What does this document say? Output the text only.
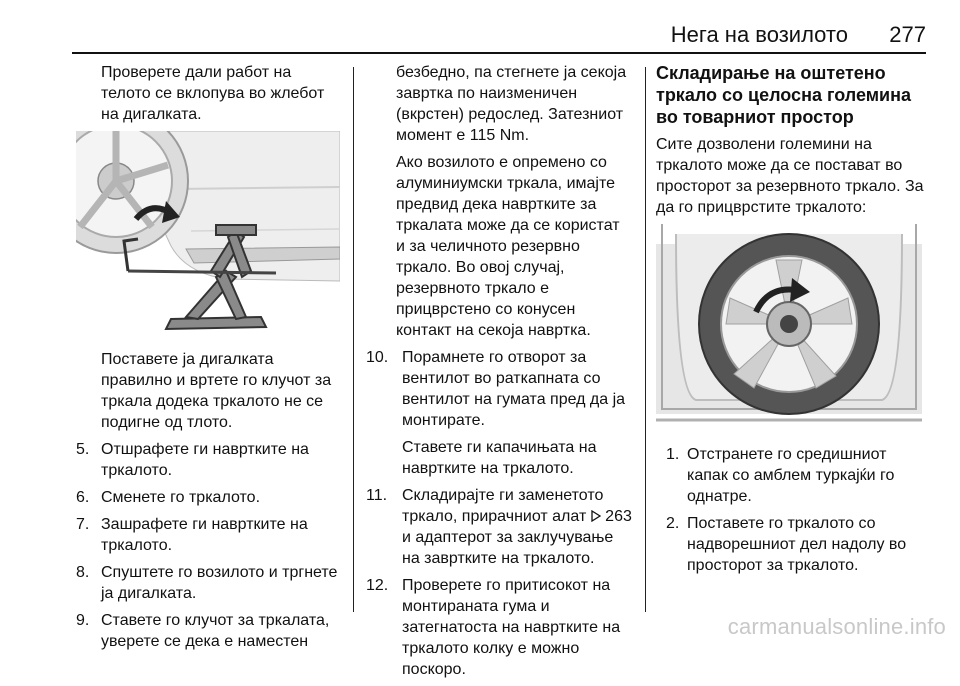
Нега на возилото 277

Проверете дали работ на телото се вклопува во жлебот на дигалката.

Поставете ја дигалката правилно и вртете го клучот за тркала додека тркалото не се подигне од тлото.

5. Отшрафете ги навртките на тркалото.
6. Сменете го тркалото.
7. Зашрафете ги навртките на тркалото.
8. Спуштете го возилото и тргнете ја дигалката.
9. Ставете го клучот за тркалата, уверете се дека е наместен

безбедно, па стегнете ја секоја завртка по наизменичен (вкрстен) редослед. Затезниот момент е 115 Nm.

Ако возилото е опремено со алуминиумски тркала, имајте предвид дека навртките за тркалата може да се користат и за челичното резервно тркало. Во овој случај, резервното тркало е прицврстено со конусен контакт на секоја навртка.

10. Порамнете го отворот за вентилот во раткапната со вентилот на гумата пред да ја монтирате.

Ставете ги капачињата на навртките на тркалото.

11. Складирајте ги заменетото тркало, прирачниот алат 263 и адаптерот за заклучување на завртките на тркалото.
12. Проверете го притисокот на монтираната гума и затегнатоста на навртките на тркалото колку е можно поскоро.

Складирање на оштетено тркало со целосна големина во товарниот простор

Сите дозволени големини на тркалото може да се постават во просторот за резервното тркало. За да го прицврстите тркалото:

1. Отстранете го средишниот капак со амблем туркајќи го однатре.
2. Поставете го тркалото со надворешниот дел надолу во просторот за тркалото.
carmanualsonline.info
